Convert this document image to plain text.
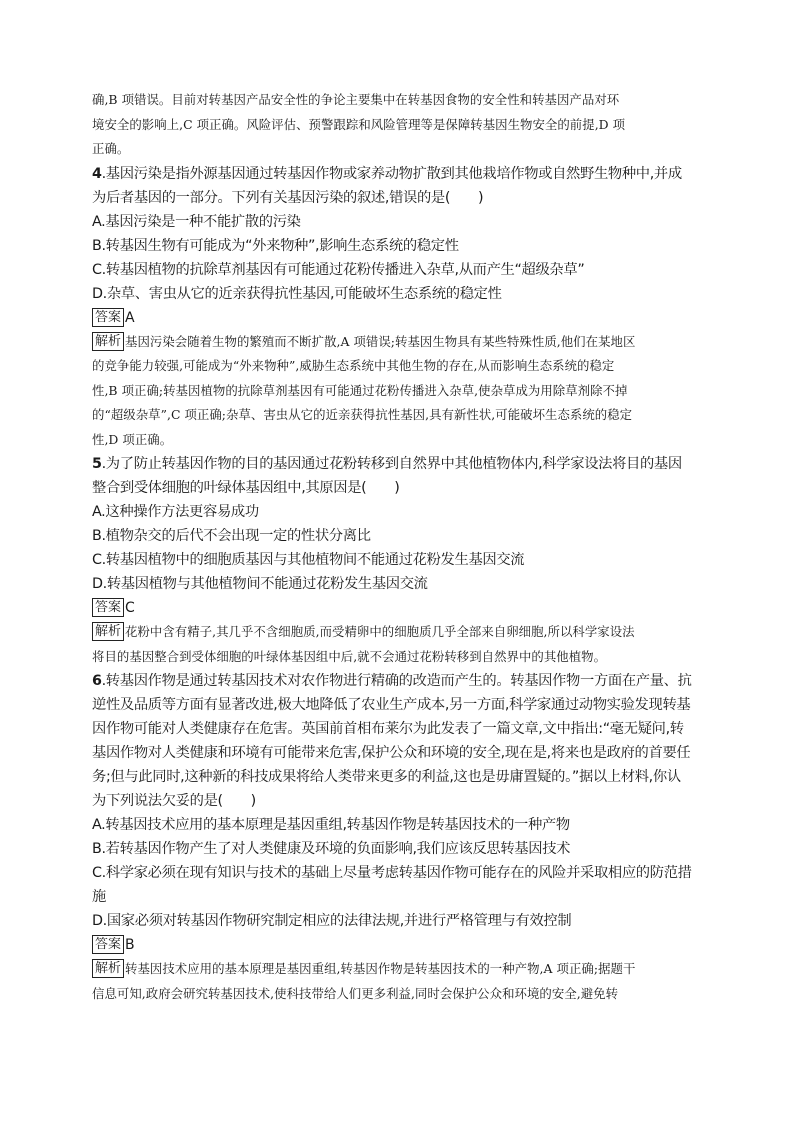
确,B 项错误。目前对转基因产品安全性的争论主要集中在转基因食物的安全性和转基因产品对环
境安全的影响上,C 项正确。风险评估、预警跟踪和风险管理等是保障转基因生物安全的前提,D 项
正确。
4.基因污染是指外源基因通过转基因作物或家养动物扩散到其他栽培作物或自然野生物种中,并成
为后者基因的一部分。下列有关基因污染的叙述,错误的是(　　)
A.基因污染是一种不能扩散的污染
B.转基因生物有可能成为“外来物种”,影响生态系统的稳定性
C.转基因植物的抗除草剂基因有可能通过花粉传播进入杂草,从而产生“超级杂草”
D.杂草、害虫从它的近亲获得抗性基因,可能破坏生态系统的稳定性
答案 A
解析 基因污染会随着生物的繁殖而不断扩散,A 项错误;转基因生物具有某些特殊性质,他们在某地区
的竞争能力较强,可能成为“外来物种”,威胁生态系统中其他生物的存在,从而影响生态系统的稳定
性,B 项正确;转基因植物的抗除草剂基因有可能通过花粉传播进入杂草,使杂草成为用除草剂除不掉
的“超级杂草”,C 项正确;杂草、害虫从它的近亲获得抗性基因,具有新性状,可能破坏生态系统的稳定
性,D 项正确。
5.为了防止转基因作物的目的基因通过花粉转移到自然界中其他植物体内,科学家设法将目的基因
整合到受体细胞的叶绿体基因组中,其原因是(　　)
A.这种操作方法更容易成功
B.植物杂交的后代不会出现一定的性状分离比
C.转基因植物中的细胞质基因与其他植物间不能通过花粉发生基因交流
D.转基因植物与其他植物间不能通过花粉发生基因交流
答案 C
解析 花粉中含有精子,其几乎不含细胞质,而受精卵中的细胞质几乎全部来自卵细胞,所以科学家设法
将目的基因整合到受体细胞的叶绿体基因组中后,就不会通过花粉转移到自然界中的其他植物。
6.转基因作物是通过转基因技术对农作物进行精确的改造而产生的。转基因作物一方面在产量、抗
逆性及品质等方面有显著改进,极大地降低了农业生产成本,另一方面,科学家通过动物实验发现转基
因作物可能对人类健康存在危害。英国前首相布莱尔为此发表了一篇文章,文中指出:“毫无疑问,转
基因作物对人类健康和环境有可能带来危害,保护公众和环境的安全,现在是,将来也是政府的首要任
务;但与此同时,这种新的科技成果将给人类带来更多的利益,这也是毋庸置疑的。”据以上材料,你认
为下列说法欠妥的是(　　)
A.转基因技术应用的基本原理是基因重组,转基因作物是转基因技术的一种产物
B.若转基因作物产生了对人类健康及环境的负面影响,我们应该反思转基因技术
C.科学家必须在现有知识与技术的基础上尽量考虑转基因作物可能存在的风险并采取相应的防范措
施
D.国家必须对转基因作物研究制定相应的法律法规,并进行严格管理与有效控制
答案 B
解析 转基因技术应用的基本原理是基因重组,转基因作物是转基因技术的一种产物,A 项正确;据题干
信息可知,政府会研究转基因技术,使科技带给人们更多利益,同时会保护公众和环境的安全,避免转
